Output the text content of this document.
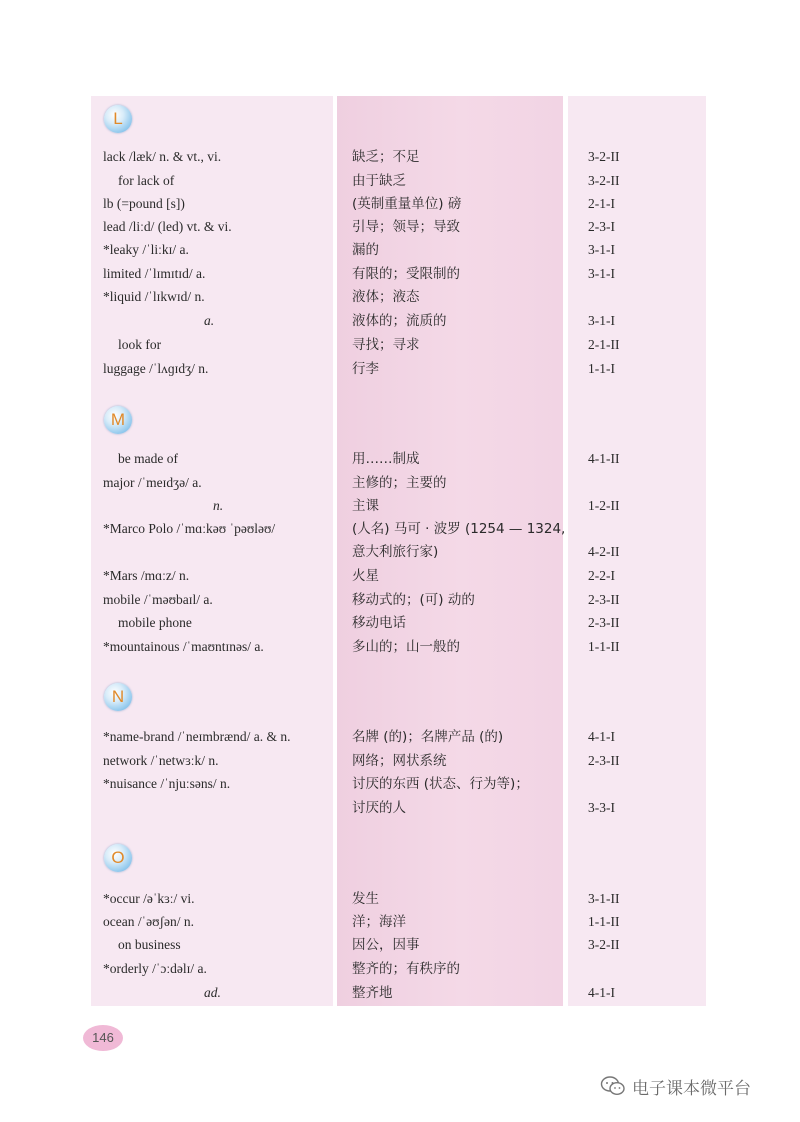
L
lack /læk/ n. & vt., vi.	缺乏；不足	3-2-II
for lack of	由于缺乏	3-2-II
lb (=pound [s])	(英制重量单位) 磅	2-1-I
lead /liːd/ (led) vt. & vi.	引导；领导；导致	2-3-I
*leaky /ˈliːkɪ/ a.	漏的	3-1-I
limited /ˈlɪmɪtɪd/ a.	有限的；受限制的	3-1-I
*liquid /ˈlɪkwɪd/ n.	液体；液态
a.	液体的；流质的	3-1-I
look for	寻找；寻求	2-1-II
luggage /ˈlʌɡɪdʒ/ n.	行李	1-1-I
M
be made of	用……制成	4-1-II
major /ˈmeɪdʒə/ a.	主修的；主要的
n.	主课	1-2-II
*Marco Polo /ˈmɑːkəʊ ˈpəʊləʊ/	(人名) 马可 · 波罗 (1254 — 1324,
意大利旅行家)	4-2-II
*Mars /mɑːz/ n.	火星	2-2-I
mobile /ˈməʊbaɪl/ a.	移动式的；(可) 动的	2-3-II
mobile phone	移动电话	2-3-II
*mountainous /ˈmaʊntɪnəs/ a.	多山的；山一般的	1-1-II
N
*name-brand /ˈneɪmbrænd/ a. & n.	名牌 (的)；名牌产品 (的)	4-1-I
network /ˈnetwɜːk/ n.	网络；网状系统	2-3-II
*nuisance /ˈnjuːsəns/ n.	讨厌的东西 (状态、行为等)；
讨厌的人	3-3-I
O
*occur /əˈkɜː/ vi.	发生	3-1-II
ocean /ˈəʊʃən/ n.	洋；海洋	1-1-II
on business	因公，因事	3-2-II
*orderly /ˈɔːdəlɪ/ a.	整齐的；有秩序的
ad.	整齐地	4-1-I
146
电子课本微平台
